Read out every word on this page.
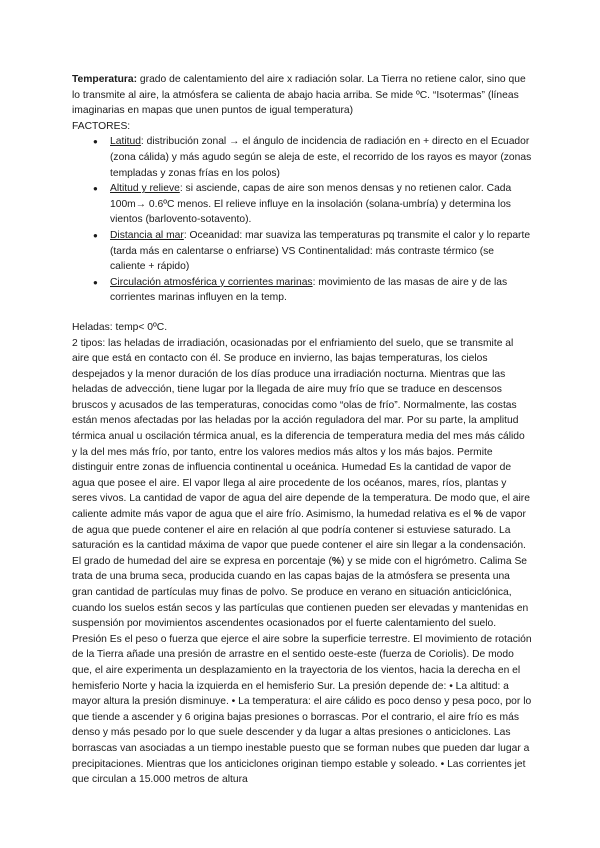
Temperatura: grado de calentamiento del aire x radiación solar. La Tierra no retiene calor, sino que lo transmite al aire, la atmósfera se calienta de abajo hacia arriba. Se mide ºC. “Isotermas” (líneas imaginarias en mapas que unen puntos de igual temperatura)

FACTORES:

● Latitud: distribución zonal → el ángulo de incidencia de radiación en + directo en el Ecuador (zona cálida) y más agudo según se aleja de este, el recorrido de los rayos es mayor (zonas templadas y zonas frías en los polos)
● Altitud y relieve: si asciende, capas de aire son menos densas y no retienen calor. Cada 100m→ 0.6ºC menos. El relieve influye en la insolación (solana-umbría) y determina los vientos (barlovento-sotavento).
● Distancia al mar: Oceanidad: mar suaviza las temperaturas pq transmite el calor y lo reparte (tarda más en calentarse o enfriarse) VS Continentalidad: más contraste térmico (se caliente + rápido)
● Circulación atmosférica y corrientes marinas: movimiento de las masas de aire y de las corrientes marinas influyen en la temp.

Heladas: temp< 0ºC.

2 tipos: las heladas de irradiación, ocasionadas por el enfriamiento del suelo, que se transmite al aire que está en contacto con él. Se produce en invierno, las bajas temperaturas, los cielos despejados y la menor duración de los días produce una irradiación nocturna. Mientras que las heladas de advección, tiene lugar por la llegada de aire muy frío que se traduce en descensos bruscos y acusados de las temperaturas, conocidas como “olas de frío”. Normalmente, las costas están menos afectadas por las heladas por la acción reguladora del mar. Por su parte, la amplitud térmica anual u oscilación térmica anual, es la diferencia de temperatura media del mes más cálido y la del mes más frío, por tanto, entre los valores medios más altos y los más bajos. Permite distinguir entre zonas de influencia continental u oceánica. Humedad Es la cantidad de vapor de agua que posee el aire. El vapor llega al aire procedente de los océanos, mares, ríos, plantas y seres vivos. La cantidad de vapor de agua del aire depende de la temperatura. De modo que, el aire caliente admite más vapor de agua que el aire frío. Asimismo, la humedad relativa es el % de vapor de agua que puede contener el aire en relación al que podría contener si estuviese saturado. La saturación es la cantidad máxima de vapor que puede contener el aire sin llegar a la condensación. El grado de humedad del aire se expresa en porcentaje (%) y se mide con el higrómetro. Calima Se trata de una bruma seca, producida cuando en las capas bajas de la atmósfera se presenta una gran cantidad de partículas muy finas de polvo. Se produce en verano en situación anticiclónica, cuando los suelos están secos y las partículas que contienen pueden ser elevadas y mantenidas en suspensión por movimientos ascendentes ocasionados por el fuerte calentamiento del suelo. Presión Es el peso o fuerza que ejerce el aire sobre la superficie terrestre. El movimiento de rotación de la Tierra añade una presión de arrastre en el sentido oeste-este (fuerza de Coriolis). De modo que, el aire experimenta un desplazamiento en la trayectoria de los vientos, hacia la derecha en el hemisferio Norte y hacia la izquierda en el hemisferio Sur. La presión depende de: • La altitud: a mayor altura la presión disminuye. • La temperatura: el aire cálido es poco denso y pesa poco, por lo que tiende a ascender y 6 origina bajas presiones o borrascas. Por el contrario, el aire frío es más denso y más pesado por lo que suele descender y da lugar a altas presiones o anticiclones. Las borrascas van asociadas a un tiempo inestable puesto que se forman nubes que pueden dar lugar a precipitaciones. Mientras que los anticiclones originan tiempo estable y soleado. • Las corrientes jet que circulan a 15.000 metros de altura
